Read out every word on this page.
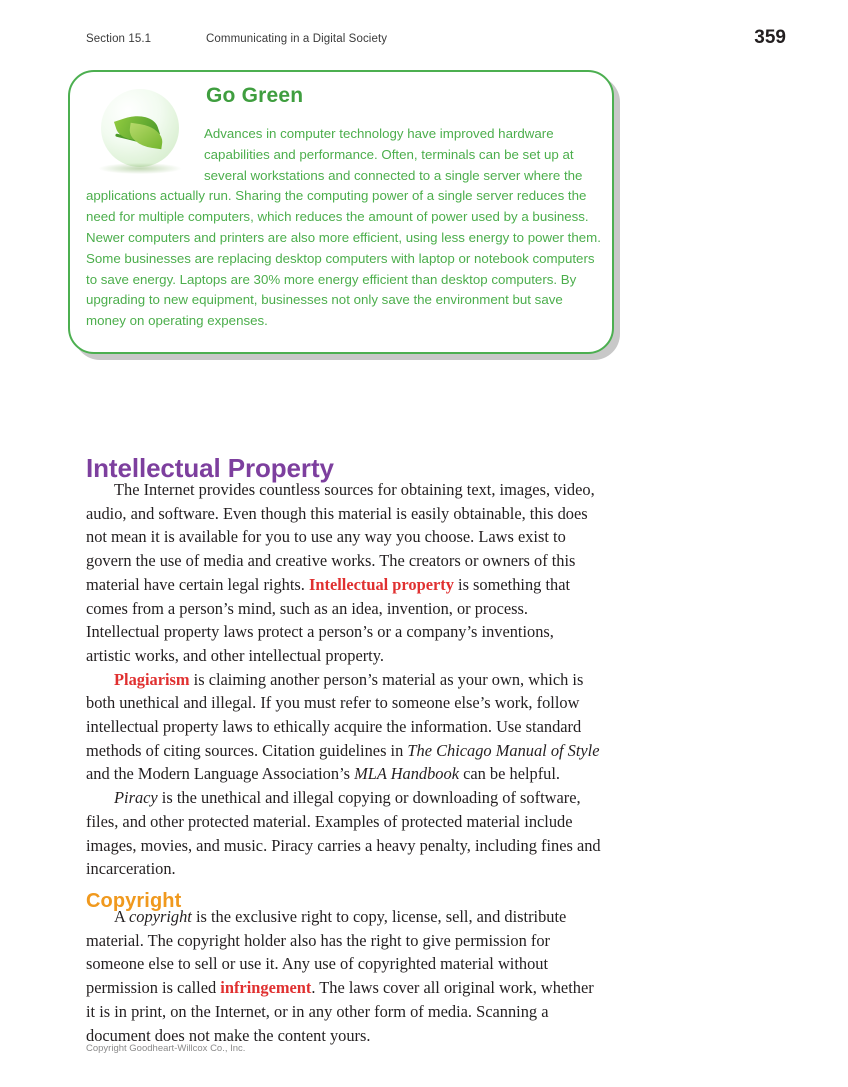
Section 15.1	Communicating in a Digital Society	359
Go Green

Advances in computer technology have improved hardware capabilities and performance. Often, terminals can be set up at several workstations and connected to a single server where the applications actually run. Sharing the computing power of a single server reduces the need for multiple computers, which reduces the amount of power used by a business.

Newer computers and printers are also more efficient, using less energy to power them. Some businesses are replacing desktop computers with laptop or notebook computers to save energy. Laptops are 30% more energy efficient than desktop computers. By upgrading to new equipment, businesses not only save the environment but save money on operating expenses.

Intellectual Property

The Internet provides countless sources for obtaining text, images, video, audio, and software. Even though this material is easily obtainable, this does not mean it is available for you to use any way you choose. Laws exist to govern the use of media and creative works. The creators or owners of this material have certain legal rights. Intellectual property is something that comes from a person’s mind, such as an idea, invention, or process. Intellectual property laws protect a person’s or a company’s inventions, artistic works, and other intellectual property.

Plagiarism is claiming another person’s material as your own, which is both unethical and illegal. If you must refer to someone else’s work, follow intellectual property laws to ethically acquire the information. Use standard methods of citing sources. Citation guidelines in The Chicago Manual of Style and the Modern Language Association’s MLA Handbook can be helpful.

Piracy is the unethical and illegal copying or downloading of software, files, and other protected material. Examples of protected material include images, movies, and music. Piracy carries a heavy penalty, including fines and incarceration.

Copyright

A copyright is the exclusive right to copy, license, sell, and distribute material. The copyright holder also has the right to give permission for someone else to sell or use it. Any use of copyrighted material without permission is called infringement. The laws cover all original work, whether it is in print, on the Internet, or in any other form of media. Scanning a document does not make the content yours.

Copyright Goodheart-Willcox Co., Inc.
